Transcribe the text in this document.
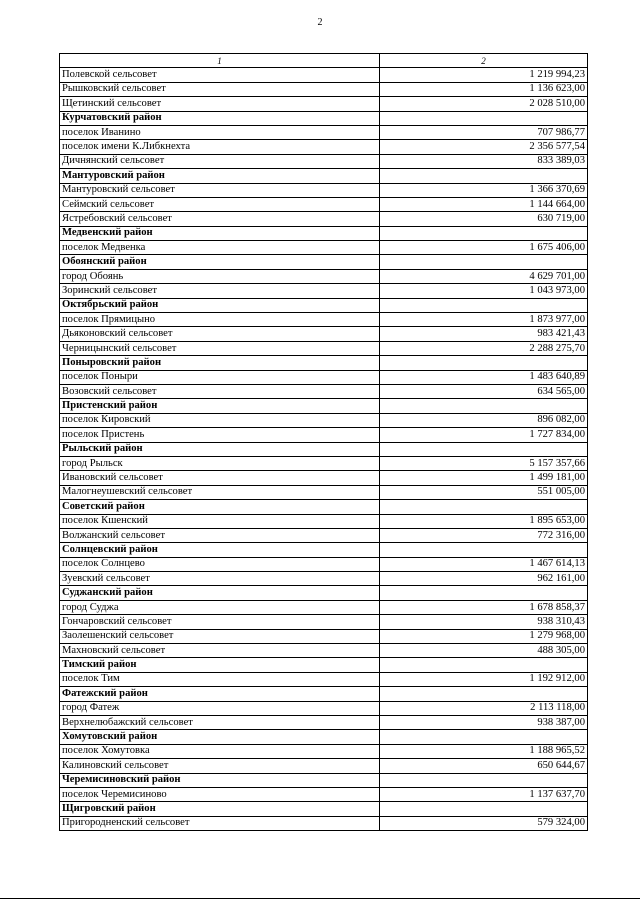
2
1	2
Полевской сельсовет	1 219 994,23
Рышковский сельсовет	1 136 623,00
Щетинский сельсовет	2 028 510,00
Курчатовский район	
поселок Иванино	707 986,77
поселок имени К.Либкнехта	2 356 577,54
Дичнянский сельсовет	833 389,03
Мантуровский район	
Мантуровский сельсовет	1 366 370,69
Сеймский сельсовет	1 144 664,00
Ястребовский сельсовет	630 719,00
Медвенский район	
поселок Медвенка	1 675 406,00
Обоянский район	
город Обоянь	4 629 701,00
Зоринский сельсовет	1 043 973,00
Октябрьский район	
поселок Прямицыно	1 873 977,00
Дьяконовский сельсовет	983 421,43
Черницынский сельсовет	2 288 275,70
Поныровский район	
поселок Поныри	1 483 640,89
Возовский сельсовет	634 565,00
Пристенский район	
поселок Кировский	896 082,00
поселок Пристень	1 727 834,00
Рыльский район	
город Рыльск	5 157 357,66
Ивановский сельсовет	1 499 181,00
Малогнеушевский сельсовет	551 005,00
Советский район	
поселок Кшенский	1 895 653,00
Волжанский сельсовет	772 316,00
Солнцевский район	
поселок Солнцево	1 467 614,13
Зуевский сельсовет	962 161,00
Суджанский район	
город Суджа	1 678 858,37
Гончаровский сельсовет	938 310,43
Заолешенский сельсовет	1 279 968,00
Махновский сельсовет	488 305,00
Тимский район	
поселок Тим	1 192 912,00
Фатежский район	
город Фатеж	2 113 118,00
Верхнелюбажский сельсовет	938 387,00
Хомутовский район	
поселок Хомутовка	1 188 965,52
Калиновский сельсовет	650 644,67
Черемисиновский район	
поселок Черемисиново	1 137 637,70
Щигровский район	
Пригородненский сельсовет	579 324,00
